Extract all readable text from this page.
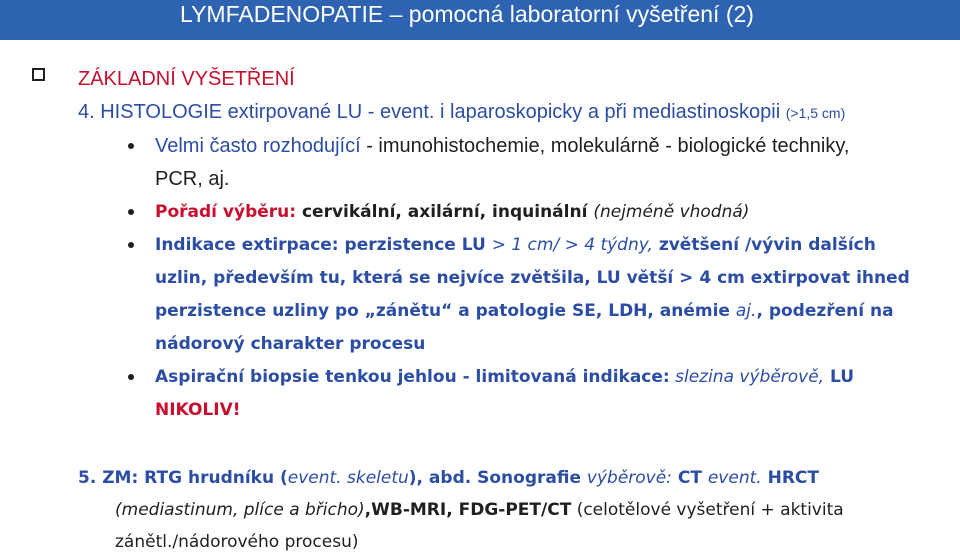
LYMFADENOPATIE – pomocná laboratorní vyšetření (2)
ZÁKLADNÍ VYŠETŘENÍ
4. HISTOLOGIE extirpované LU - event. i laparoskopicky a při mediastinoskopii (>1,5 cm)
Velmi často rozhodující - imunohistochemie, molekulárně - biologické techniky,
PCR, aj.
Pořadí výběru: cervikální, axilární, inquinální (nejméně vhodná)
Indikace extirpace: perzistence LU > 1 cm/ > 4 týdny, zvětšení /vývin dalších
uzlin, především tu, která se nejvíce zvětšila, LU větší > 4 cm extirpovat ihned
perzistence uzliny po „zánětu“ a patologie SE, LDH, anémie aj., podezření na
nádorový charakter procesu
Aspirační biopsie tenkou jehlou - limitovaná indikace: slezina výběrově, LU
NIKOLIV!
5. ZM: RTG hrudníku (event. skeletu), abd. Sonografie výběrově: CT event. HRCT
(mediastinum, plíce a břicho),WB-MRI, FDG-PET/CT (celotělové vyšetření + aktivita
zánětl./nádorového procesu)
